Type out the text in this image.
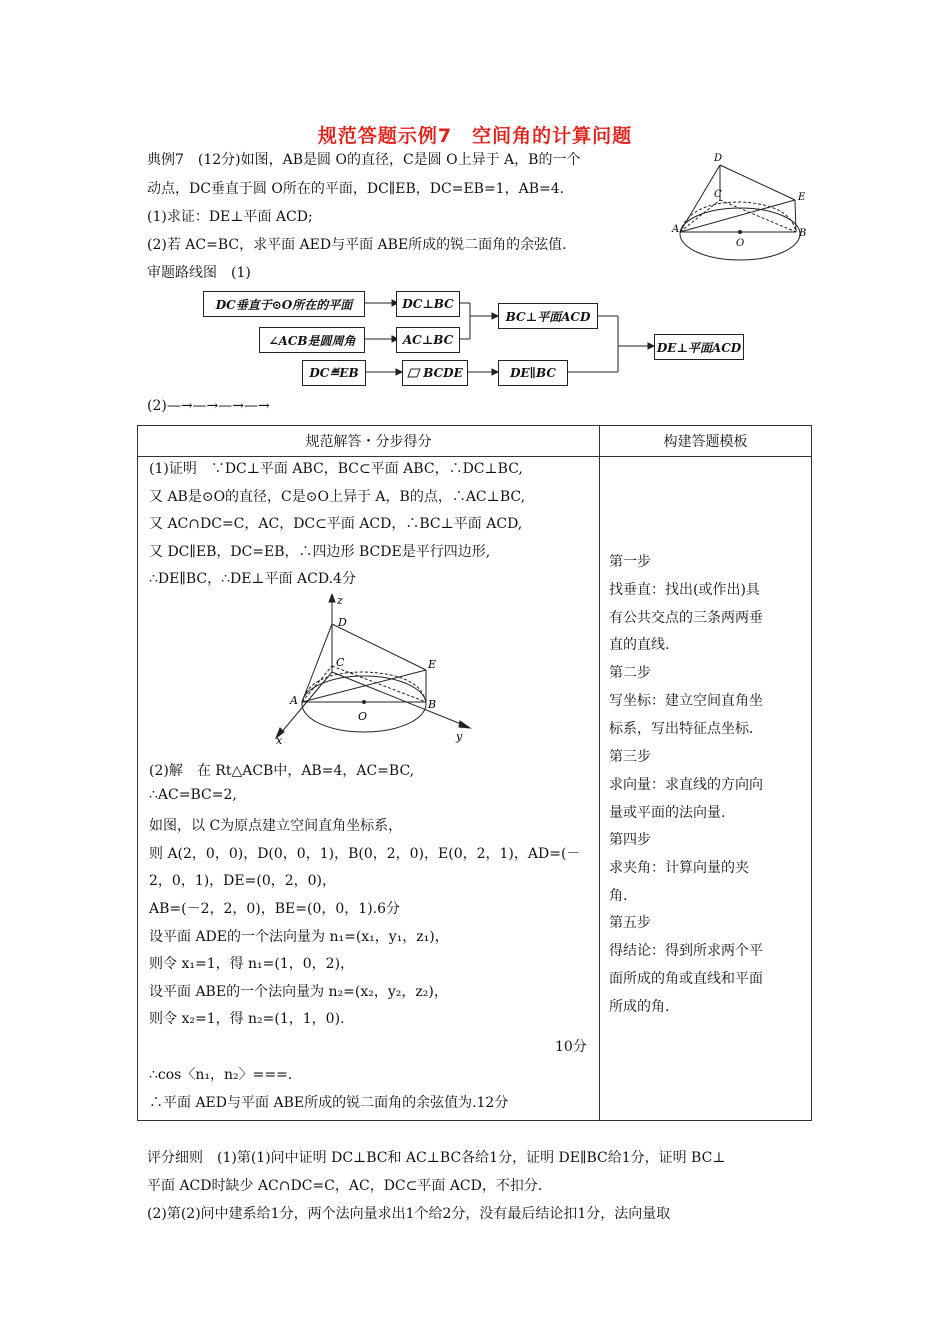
规范答题示例7　空间角的计算问题
典例7　(12分)如图，AB是圆 O的直径，C是圆 O上异于 A，B的一个
动点，DC垂直于圆 O所在的平面，DC∥EB，DC=EB=1，AB=4.
(1)求证：DE⊥平面 ACD;
(2)若 AC=BC，求平面 AED与平面 ABE所成的锐二面角的余弦值.
审题路线图　(1)
D
C	E
A	B
O
DC垂直于⊙O所在的平面	DC⊥BC
∠ACB是圆周角	AC⊥BC
DC≝EB	BCDE	DE∥BC
BC⊥平面ACD
DE⊥平面ACD
(2)—→—→—→—→
规范解答・分步得分	构建答题模板

(1)证明　∵DC⊥平面 ABC，BC⊂平面 ABC，∴DC⊥BC,
又 AB是⊙O的直径，C是⊙O上异于 A，B的点，∴AC⊥BC,
又 AC∩DC=C，AC，DC⊂平面 ACD，∴BC⊥平面 ACD,
又 DC∥EB，DC=EB，∴四边形 BCDE是平行四边形,
∴DE∥BC，∴DE⊥平面 ACD.4分
(2)解　在 Rt△ACB中，AB=4，AC=BC,
∴AC=BC=2,
如图，以 C为原点建立空间直角坐标系，
则 A(2，0，0)，D(0，0，1)，B(0，2，0)，E(0，2，1)，AD=(－
2，0，1)，DE=(0，2，0)，
AB=(－2，2，0)，BE=(0，0，1).6分
设平面 ADE的一个法向量为 n₁=(x₁，y₁，z₁)，
则令 x₁=1，得 n₁=(1，0，2)，
设平面 ABE的一个法向量为 n₂=(x₂，y₂，z₂)，
则令 x₂=1，得 n₂=(1，1，0).
10分
∴cos〈n₁，n₂〉===.
∴平面 AED与平面 ABE所成的锐二面角的余弦值为.12分
第一步
找垂直：找出(或作出)具
有公共交点的三条两两垂
直的直线.
第二步
写坐标：建立空间直角坐
标系，写出特征点坐标.
第三步
求向量：求直线的方向向
量或平面的法向量.
第四步
求夹角：计算向量的夹
角.
第五步
得结论：得到所求两个平
面所成的角或直线和平面
所成的角.
z
D
C	E
A	B
O
x	y
评分细则　(1)第(1)问中证明 DC⊥BC和 AC⊥BC各给1分，证明 DE∥BC给1分，证明 BC⊥
平面 ACD时缺少 AC∩DC=C，AC，DC⊂平面 ACD，不扣分.
(2)第(2)问中建系给1分，两个法向量求出1个给2分，没有最后结论扣1分，法向量取
